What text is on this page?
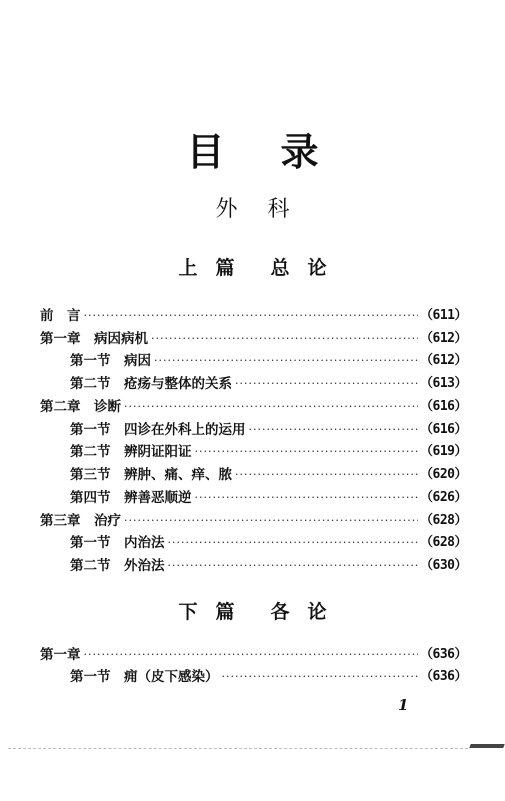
目录
外科
上篇 总论
前　言 ·····	（611）
第一章　病因病机 ·····	（612）
第一节　病因 ·····	（612）
第二节　疮疡与整体的关系 ·····	（613）
第二章　诊断 ·····	（616）
第一节　四诊在外科上的运用 ·····	（616）
第二节　辨阴证阳证 ·····	（619）
第三节　辨肿、痛、痒、脓 ·····	（620）
第四节　辨善恶顺逆 ·····	（626）
第三章　治疗 ·····	（628）
第一节　内治法 ·····	（628）
第二节　外治法 ·····	（630）
下篇 各论
第一章 ·····	（636）
第一节　痈（皮下感染） ·····	（636）
1
